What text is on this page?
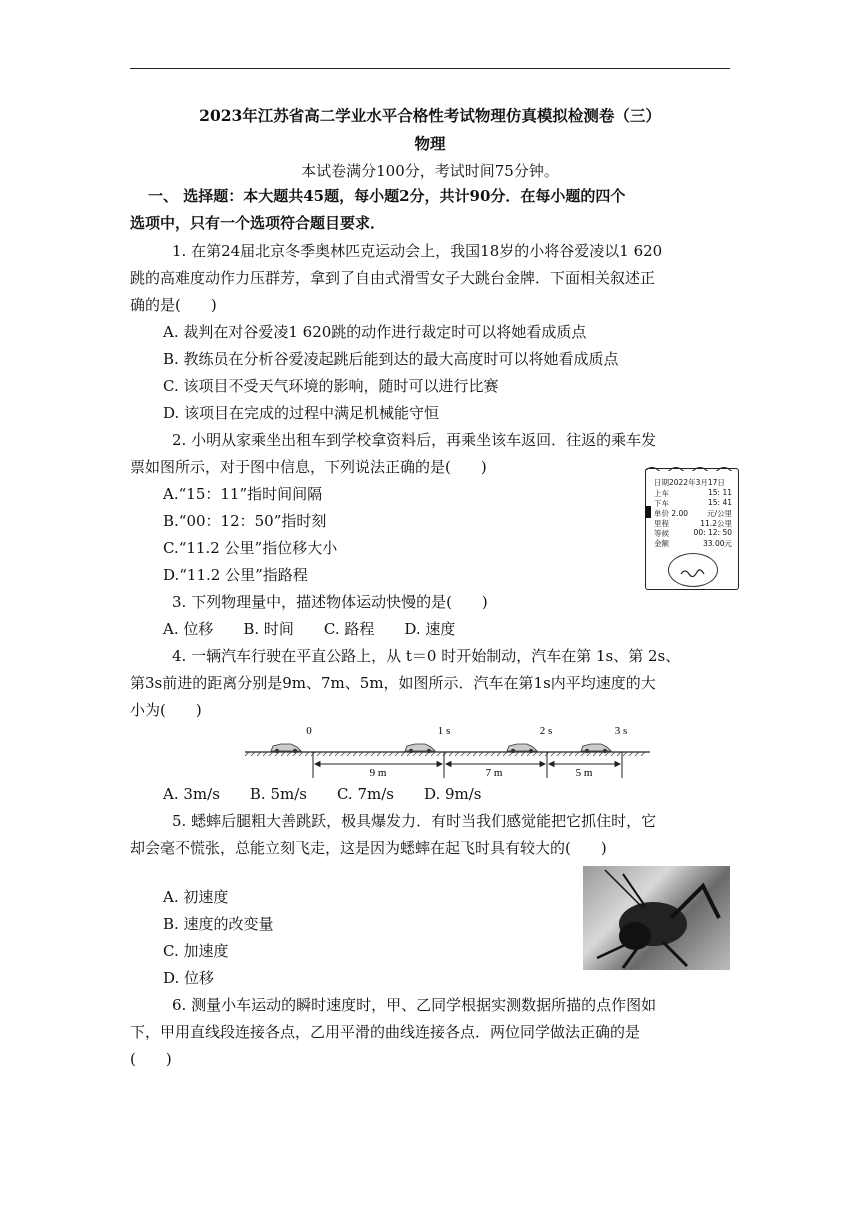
2023年江苏省高二学业水平合格性考试物理仿真模拟检测卷（三）
物理
本试卷满分100分，考试时间75分钟。
一、 选择题：本大题共45题，每小题2分，共计90分．在每小题的四个
选项中，只有一个选项符合题目要求．
1. 在第24届北京冬季奥林匹克运动会上，我国18岁的小将谷爱凌以1 620
跳的高难度动作力压群芳，拿到了自由式滑雪女子大跳台金牌．下面相关叙述正
确的是(　　)
A. 裁判在对谷爱凌1 620跳的动作进行裁定时可以将她看成质点
B. 教练员在分析谷爱凌起跳后能到达的最大高度时可以将她看成质点
C. 该项目不受天气环境的影响，随时可以进行比赛
D. 该项目在完成的过程中满足机械能守恒
2. 小明从家乘坐出租车到学校拿资料后，再乘坐该车返回．往返的乘车发
票如图所示，对于图中信息，下列说法正确的是(　　)
A.“15：11”指时间间隔
B.“00：12：50”指时刻
C.“11.2 公里”指位移大小
D.“11.2 公里”指路程
日期2022年3月17日
上车	15: 11
下车	15: 41
单价 2.00	元/公里
里程	11.2公里
等候	00: 12: 50
金额	33.00元
3. 下列物理量中，描述物体运动快慢的是(　　)
A. 位移　　B. 时间　　C. 路程　　D. 速度
4. 一辆汽车行驶在平直公路上，从 t＝0 时开始制动，汽车在第 1s、第 2s、
第3s前进的距离分别是9m、7m、5m，如图所示．汽车在第1s内平均速度的大
小为(　　)
0	1 s	2 s	3 s
9 m	7 m	5 m
A. 3m/s　　B. 5m/s　　C. 7m/s　　D. 9m/s
5. 蟋蟀后腿粗大善跳跃，极具爆发力．有时当我们感觉能把它抓住时，它
却会毫不慌张，总能立刻飞走，这是因为蟋蟀在起飞时具有较大的(　　)
A. 初速度
B. 速度的改变量
C. 加速度
D. 位移
6. 测量小车运动的瞬时速度时，甲、乙同学根据实测数据所描的点作图如
下，甲用直线段连接各点，乙用平滑的曲线连接各点．两位同学做法正确的是
(　　)
